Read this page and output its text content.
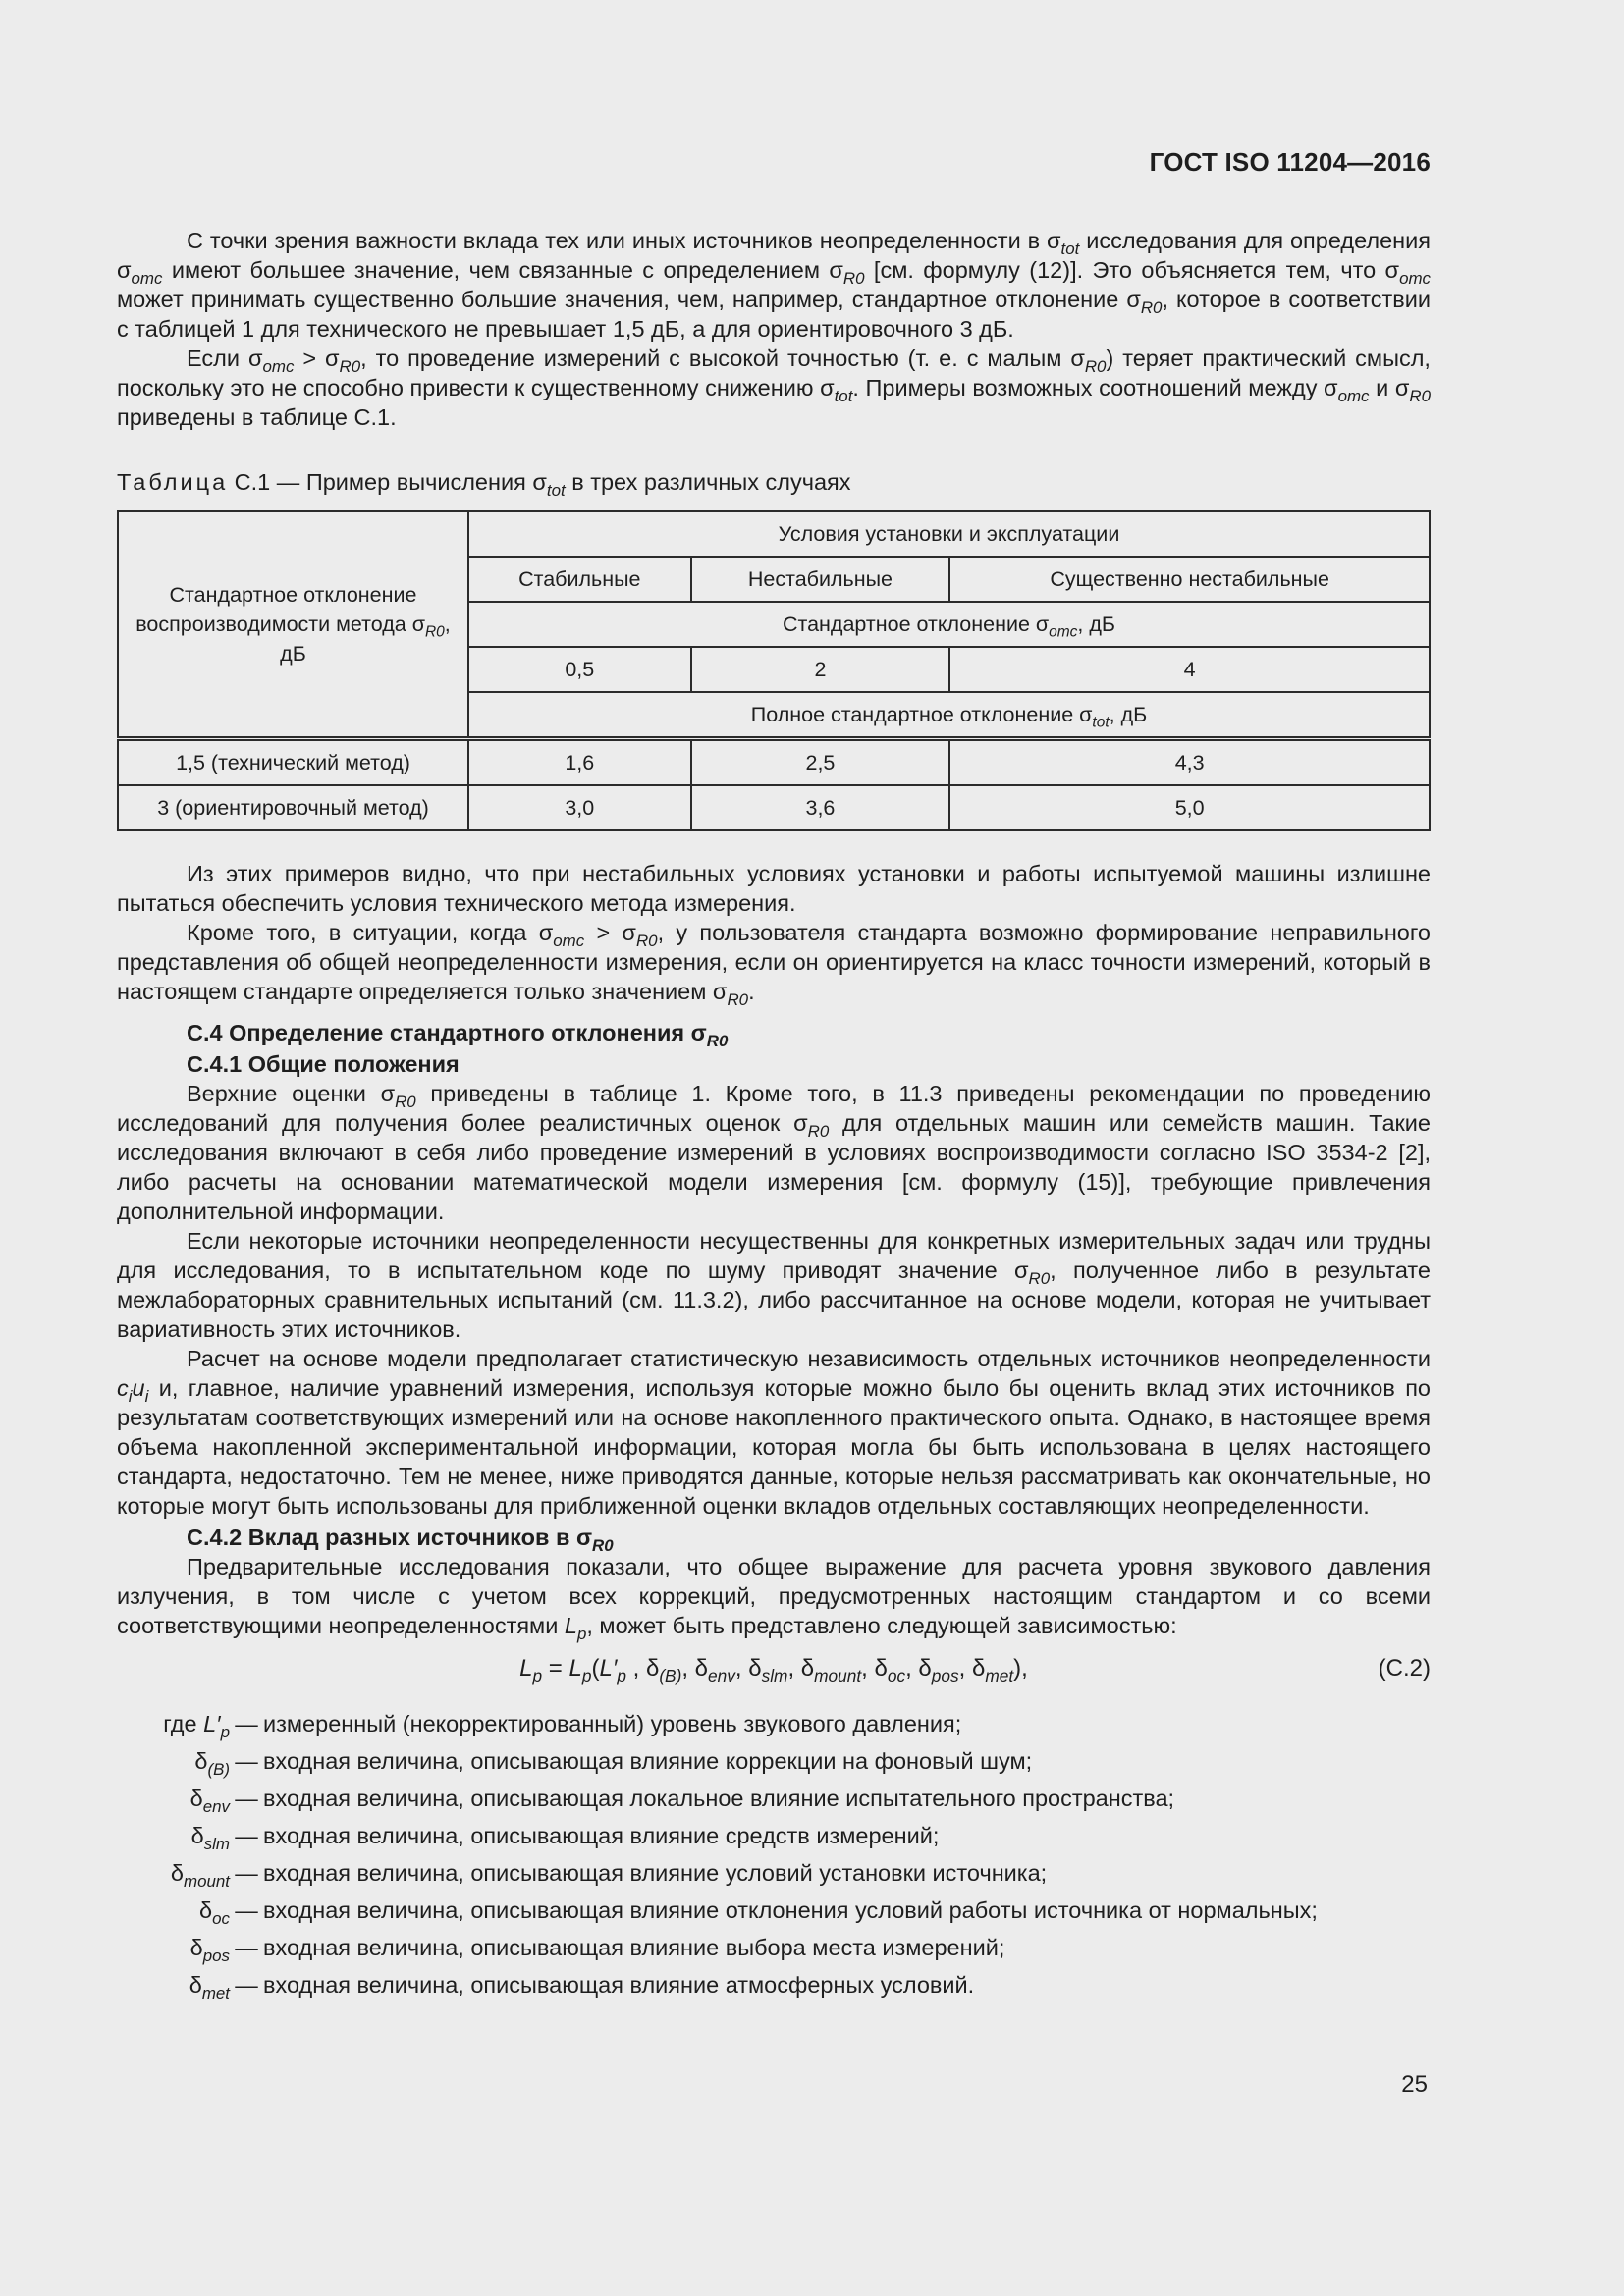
ГОСТ ISO 11204—2016

С точки зрения важности вклада тех или иных источников неопределенности в $\sigma_{tot}$ исследования для определения $\sigma_{omc}$ имеют большее значение, чем связанные с определением $\sigma_{R0}$ [см. формулу (12)]. Это объясняется тем, что $\sigma_{omc}$ может принимать существенно большие значения, чем, например, стандартное отклонение $\sigma_{R0}$, которое в соответствии с таблицей 1 для технического не превышает 1,5 дБ, а для ориентировочного 3 дБ.

Если $\sigma_{omc} > \sigma_{R0}$, то проведение измерений с высокой точностью (т. е. с малым $\sigma_{R0}$) теряет практический смысл, поскольку это не способно привести к существенному снижению $\sigma_{tot}$. Примеры возможных соотношений между $\sigma_{omc}$ и $\sigma_{R0}$ приведены в таблице С.1.

Таблица С.1 — Пример вычисления $\sigma_{tot}$ в трех различных случаях
Стандартное отклонение воспроизводимости метода $\sigma_{R0}$, дБ	Условия установки и эксплуатации		
	Стабильные	Нестабильные	Существенно нестабильные
	Стандартное отклонение $\sigma_{omc}$, дБ		
	0,5	2	4
	Полное стандартное отклонение $\sigma_{tot}$, дБ		
1,5 (технический метод)	1,6	2,5	4,3
3 (ориентировочный метод)	3,0	3,6	5,0

Из этих примеров видно, что при нестабильных условиях установки и работы испытуемой машины излишне пытаться обеспечить условия технического метода измерения.

Кроме того, в ситуации, когда $\sigma_{omc} > \sigma_{R0}$, у пользователя стандарта возможно формирование неправильного представления об общей неопределенности измерения, если он ориентируется на класс точности измерений, который в настоящем стандарте определяется только значением $\sigma_{R0}$.

С.4 Определение стандартного отклонения $\sigma_{R0}$
С.4.1 Общие положения

Верхние оценки $\sigma_{R0}$ приведены в таблице 1. Кроме того, в 11.3 приведены рекомендации по проведению исследований для получения более реалистичных оценок $\sigma_{R0}$ для отдельных машин или семейств машин. Такие исследования включают в себя либо проведение измерений в условиях воспроизводимости согласно ISO 3534-2 [2], либо расчеты на основании математической модели измерения [см. формулу (15)], требующие привлечения дополнительной информации.

Если некоторые источники неопределенности несущественны для конкретных измерительных задач или трудны для исследования, то в испытательном коде по шуму приводят значение $\sigma_{R0}$, полученное либо в результате межлабораторных сравнительных испытаний (см. 11.3.2), либо рассчитанное на основе модели, которая не учитывает вариативность этих источников.

Расчет на основе модели предполагает статистическую независимость отдельных источников неопределенности $c_iu_i$ и, главное, наличие уравнений измерения, используя которые можно было бы оценить вклад этих источников по результатам соответствующих измерений или на основе накопленного практического опыта. Однако, в настоящее время объема накопленной экспериментальной информации, которая могла бы быть использована в целях настоящего стандарта, недостаточно. Тем не менее, ниже приводятся данные, которые нельзя рассматривать как окончательные, но которые могут быть использованы для приближенной оценки вкладов отдельных составляющих неопределенности.

С.4.2 Вклад разных источников в $\sigma_{R0}$

Предварительные исследования показали, что общее выражение для расчета уровня звукового давления излучения, в том числе с учетом всех коррекций, предусмотренных настоящим стандартом и со всеми соответствующими неопределенностями $L_p$, может быть представлено следующей зависимостью:

$L_p = L_p(L'_p$ , $\delta_{(B)}$, $\delta_{env}$, $\delta_{slm}$, $\delta_{mount}$, $\delta_{oc}$, $\delta_{pos}$, $\delta_{met}$),	(С.2)
где $L'_p$ — измеренный (некорректированный) уровень звукового давления;
$\delta_{(B)}$ — входная величина, описывающая влияние коррекции на фоновый шум;
$\delta_{env}$ — входная величина, описывающая локальное влияние испытательного пространства;
$\delta_{slm}$ — входная величина, описывающая влияние средств измерений;
$\delta_{mount}$ — входная величина, описывающая влияние условий установки источника;
$\delta_{oc}$ — входная величина, описывающая влияние отклонения условий работы источника от нормальных;
$\delta_{pos}$ — входная величина, описывающая влияние выбора места измерений;
$\delta_{met}$ — входная величина, описывающая влияние атмосферных условий.
25
